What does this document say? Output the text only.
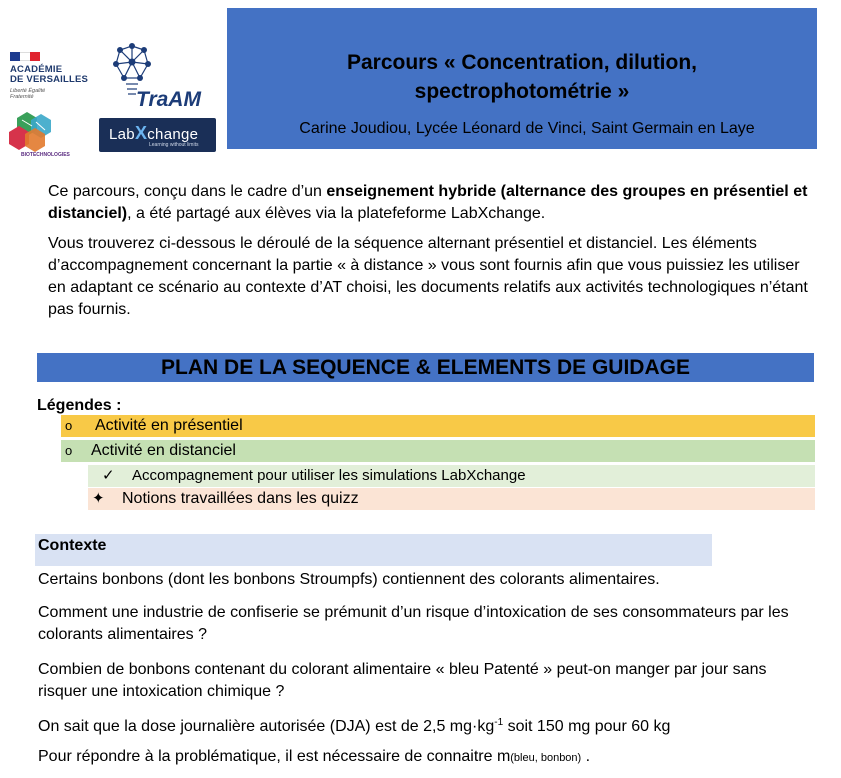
ACADÉMIE
DE VERSAILLES
Liberté Égalité Fraternité	TraAM
BIOTECHNOLOGIES
LabXchange
Learning without limits
Parcours « Concentration, dilution,
spectrophotométrie »
Carine Joudiou, Lycée Léonard de Vinci, Saint Germain en Laye

Ce parcours, conçu dans le cadre d’un enseignement hybride (alternance des groupes en présentiel et distanciel), a été partagé aux élèves via la platefeforme LabXchange.

Vous trouverez ci-dessous le déroulé de la séquence alternant présentiel et distanciel. Les éléments d’accompagnement concernant la partie « à distance » vous sont fournis afin que vous puissiez les utiliser en adaptant ce scénario au contexte d’AT choisi, les documents relatifs aux activités technologiques n’étant pas fournis.

PLAN DE LA SEQUENCE & ELEMENTS DE GUIDAGE
Légendes :
o Activité en présentiel
o Activité en distanciel
✓ Accompagnement pour utiliser les simulations LabXchange
✦ Notions travaillées dans les quizz
Contexte

Certains bonbons (dont les bonbons Stroumpfs) contiennent des colorants alimentaires.

Comment une industrie de confiserie se prémunit d’un risque d’intoxication de ses consommateurs par les colorants alimentaires ?

Combien de bonbons contenant du colorant alimentaire « bleu Patenté » peut-on manger par jour sans risquer une intoxication chimique ?

On sait que la dose journalière autorisée (DJA) est de 2,5 $mg\cdot kg^{-1}$ soit 150 mg pour 60 kg

Pour répondre à la problématique, il est nécessaire de connaitre m(bleu, bonbon) .
